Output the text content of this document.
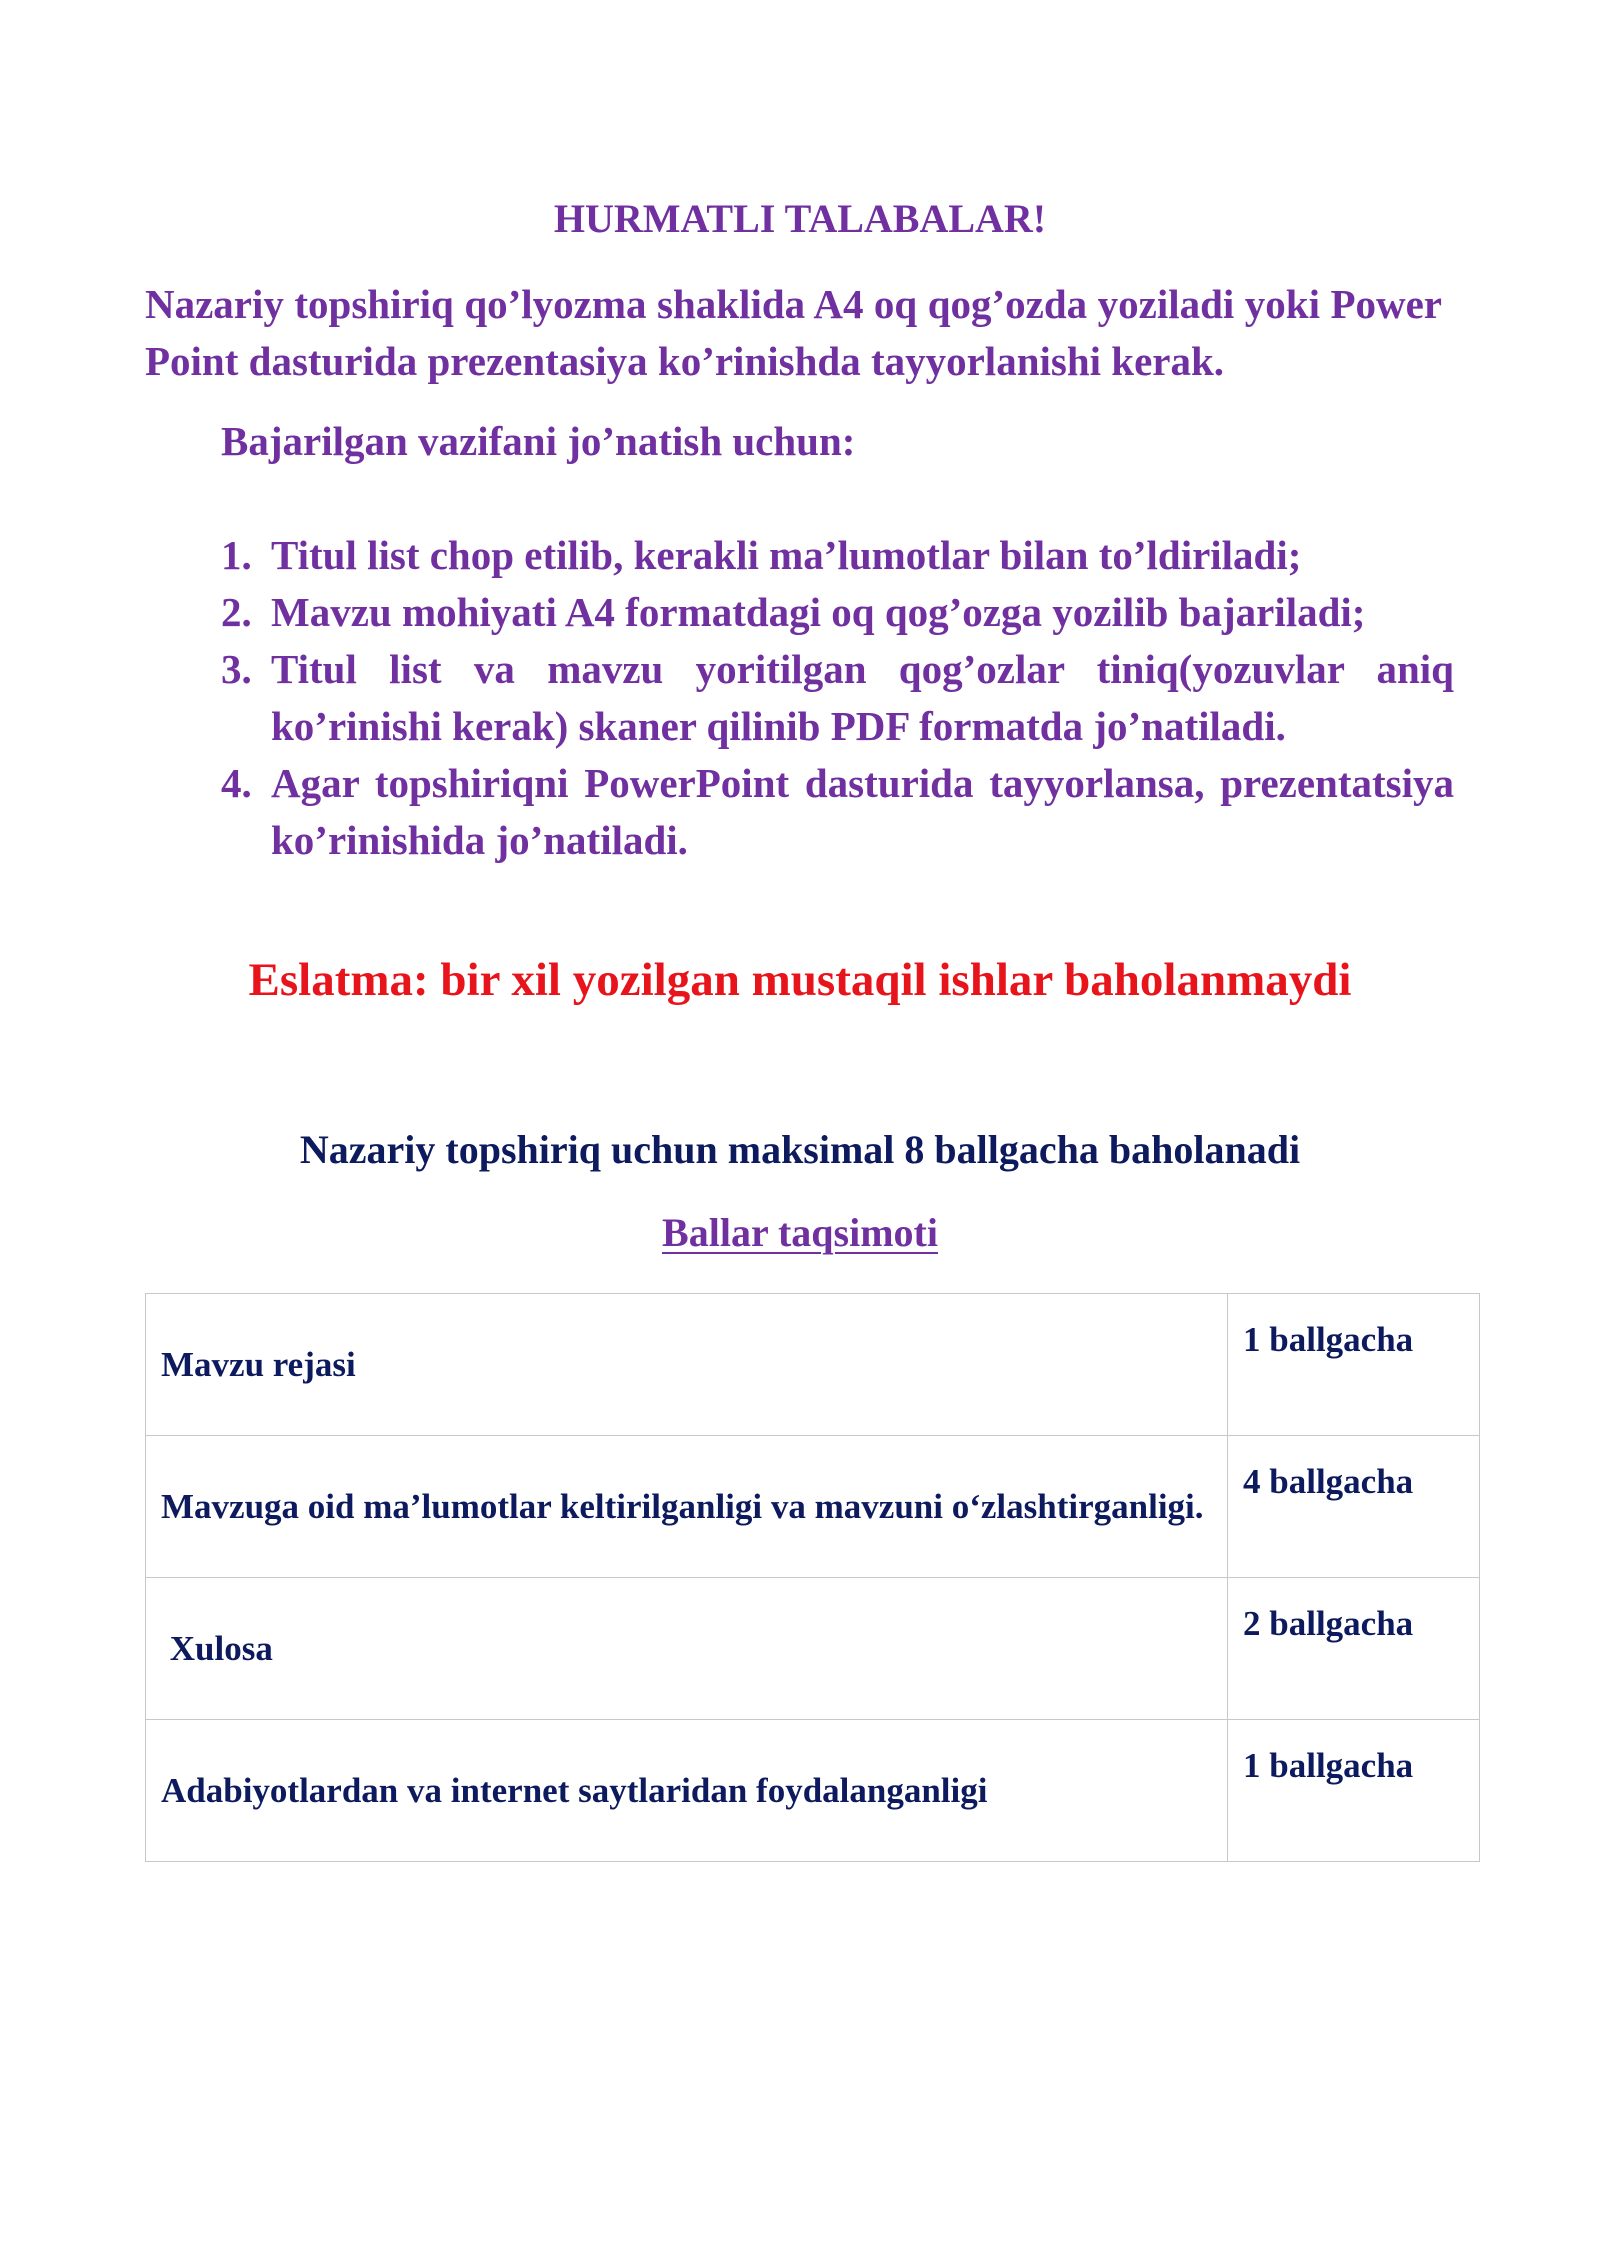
HURMATLI TALABALAR!

Nazariy topshiriq qo’lyozma shaklida A4 oq qog’ozda yoziladi yoki Power Point dasturida prezentasiya ko’rinishda tayyorlanishi kerak.

Bajarilgan vazifani jo’natish uchun:

1. Titul list chop etilib, kerakli ma’lumotlar bilan to’ldiriladi;
2. Mavzu mohiyati A4 formatdagi oq qog’ozga yozilib bajariladi;
3. Titul list va mavzu yoritilgan qog’ozlar tiniq(yozuvlar aniq ko’rinishi kerak) skaner qilinib PDF formatda jo’natiladi.
4. Agar topshiriqni PowerPoint dasturida tayyorlansa, prezentatsiya ko’rinishida jo’natiladi.

Eslatma: bir xil yozilgan mustaqil ishlar baholanmaydi

Nazariy topshiriq uchun maksimal 8 ballgacha baholanadi

Ballar taqsimoti

Mavzu rejasi	1 ballgacha
Mavzuga oid ma’lumotlar keltirilganligi va mavzuni o‘zlashtirganligi.	4 ballgacha
Xulosa	2 ballgacha
Adabiyotlardan va internet saytlaridan foydalanganligi	1 ballgacha
